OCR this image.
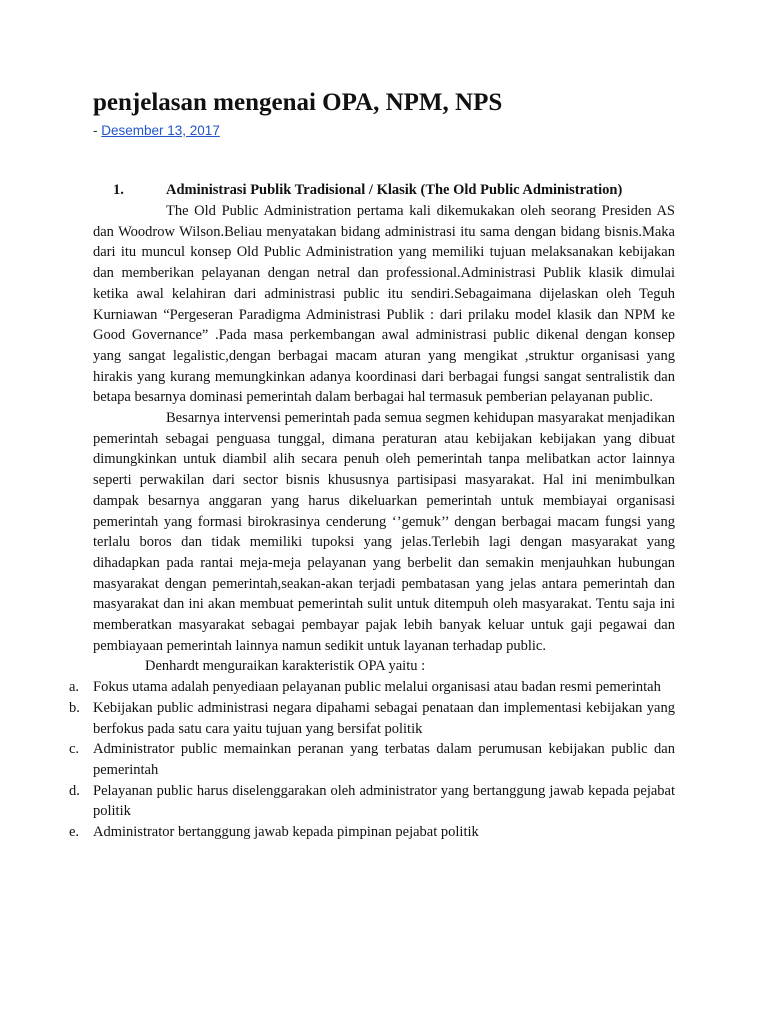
penjelasan mengenai OPA, NPM, NPS
- Desember 13, 2017
1.	Administrasi Publik Tradisional / Klasik (The Old Public Administration)

The Old Public Administration pertama kali dikemukakan oleh seorang Presiden AS dan Woodrow Wilson.Beliau menyatakan bidang administrasi itu sama dengan bidang bisnis.Maka dari itu muncul konsep Old Public Administration yang memiliki tujuan melaksanakan kebijakan dan memberikan pelayanan dengan netral dan professional.Administrasi Publik klasik dimulai ketika awal kelahiran dari administrasi public itu sendiri.Sebagaimana dijelaskan oleh Teguh Kurniawan “Pergeseran Paradigma Administrasi Publik : dari prilaku model klasik dan NPM ke Good Governance” .Pada masa perkembangan awal administrasi public dikenal dengan konsep yang sangat legalistic,dengan berbagai macam aturan yang mengikat ,struktur organisasi yang hirakis yang kurang memungkinkan adanya koordinasi dari berbagai fungsi sangat sentralistik dan betapa besarnya dominasi pemerintah dalam berbagai hal termasuk pemberian pelayanan public.

Besarnya intervensi pemerintah pada semua segmen kehidupan masyarakat menjadikan pemerintah sebagai penguasa tunggal, dimana peraturan atau kebijakan kebijakan yang dibuat dimungkinkan untuk diambil alih secara penuh oleh pemerintah tanpa melibatkan actor lainnya seperti perwakilan dari sector bisnis khususnya partisipasi masyarakat. Hal ini menimbulkan dampak besarnya anggaran yang harus dikeluarkan pemerintah untuk membiayai organisasi pemerintah yang formasi birokrasinya cenderung ‘’gemuk’’ dengan berbagai macam fungsi yang terlalu boros dan tidak memiliki tupoksi yang jelas.Terlebih lagi dengan masyarakat yang dihadapkan pada rantai meja-meja pelayanan yang berbelit dan semakin menjauhkan hubungan masyarakat dengan pemerintah,seakan-akan terjadi pembatasan yang jelas antara pemerintah dan masyarakat dan ini akan membuat pemerintah sulit untuk ditempuh oleh masyarakat. Tentu saja ini memberatkan masyarakat sebagai pembayar pajak lebih banyak keluar untuk gaji pegawai dan pembiayaan pemerintah lainnya namun sedikit untuk layanan terhadap public.

Denhardt menguraikan karakteristik OPA yaitu :

a. Fokus utama adalah penyediaan pelayanan public melalui organisasi atau badan resmi pemerintah
b. Kebijakan public administrasi negara dipahami sebagai penataan dan implementasi kebijakan yang berfokus pada satu cara yaitu tujuan yang bersifat politik
c. Administrator public memainkan peranan yang terbatas dalam perumusan kebijakan public dan pemerintah
d. Pelayanan public harus diselenggarakan oleh administrator yang bertanggung jawab kepada pejabat politik
e. Administrator bertanggung jawab kepada pimpinan pejabat politik
